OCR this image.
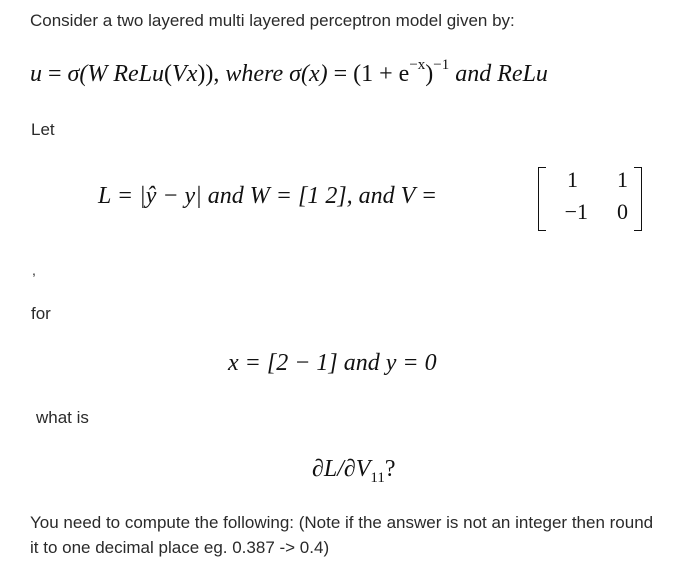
Consider a two layered multi layered perceptron model given by:
u = σ(W ReLu(Vx)), where $\sigma(x) = (1 + e^{-x})^{-1}$ and ReLu
Let
L = |ŷ − y| and W = [1 2], and V =
1	1
−1	0
,
for
x = [2 − 1] and y = 0
what is
$\partial L/\partial V_{11}$?
You need to compute the following: (Note if the answer is not an integer then round
it to one decimal place eg. 0.387 -> 0.4)
